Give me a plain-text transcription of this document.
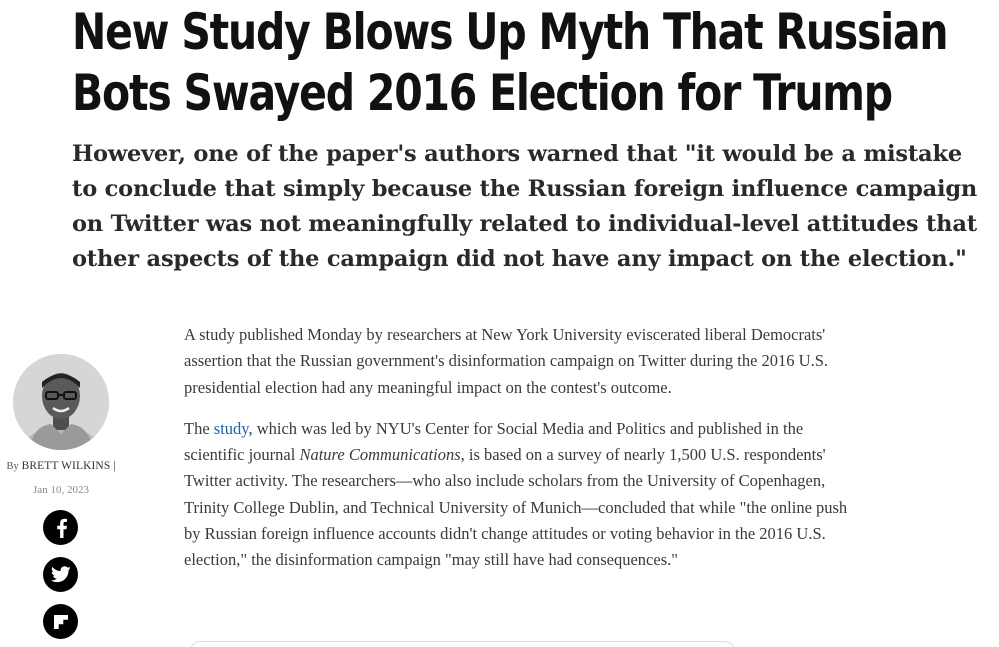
New Study Blows Up Myth That Russian Bots Swayed 2016 Election for Trump
However, one of the paper's authors warned that "it would be a mistake to conclude that simply because the Russian foreign influence campaign on Twitter was not meaningfully related to individual-level attitudes that other aspects of the campaign did not have any impact on the election."
By BRETT WILKINS |
Jan 10, 2023

A study published Monday by researchers at New York University eviscerated liberal Democrats' assertion that the Russian government's disinformation campaign on Twitter during the 2016 U.S. presidential election had any meaningful impact on the contest's outcome.

The study, which was led by NYU's Center for Social Media and Politics and published in the scientific journal Nature Communications, is based on a survey of nearly 1,500 U.S. respondents' Twitter activity. The researchers—who also include scholars from the University of Copenhagen, Trinity College Dublin, and Technical University of Munich—concluded that while "the online push by Russian foreign influence accounts didn't change attitudes or voting behavior in the 2016 U.S. election," the disinformation campaign "may still have had consequences."
